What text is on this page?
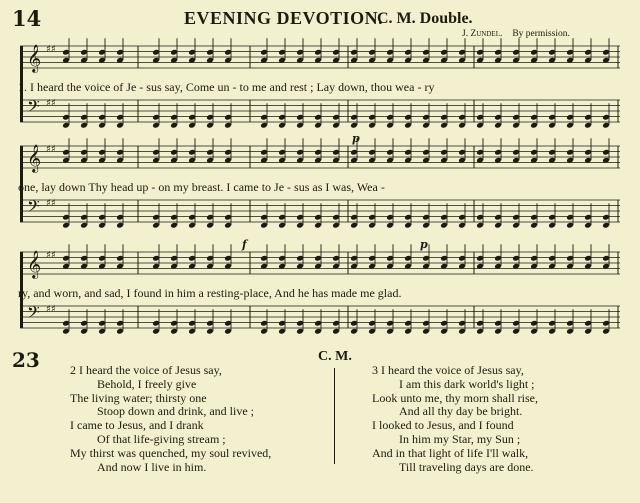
14	EVENING DEVOTION.
C. M. Double.
J. Zundel. By permission.
𝄞 ♯♯
𝄢 ♯♯
1. I heard the voice of Je - sus say, Come un - to me and rest ; Lay down, thou wea - ry
𝄞 ♯♯
𝄢 ♯♯
p
one, lay down Thy head up - on my breast. I came to Je - sus as I was, Wea -
𝄞 ♯♯
𝄢 ♯♯
f	p
ry, and worn, and sad, I found in him a resting-place, And he has made me glad.
23	C. M.
2 I heard the voice of Jesus say,
Behold, I freely give
The living water; thirsty one
Stoop down and drink, and live ;
I came to Jesus, and I drank
Of that life-giving stream ;
My thirst was quenched, my soul revived,
And now I live in him.
3 I heard the voice of Jesus say,
I am this dark world's light ;
Look unto me, thy morn shall rise,
And all thy day be bright.
I looked to Jesus, and I found
In him my Star, my Sun ;
And in that light of life I'll walk,
Till traveling days are done.
